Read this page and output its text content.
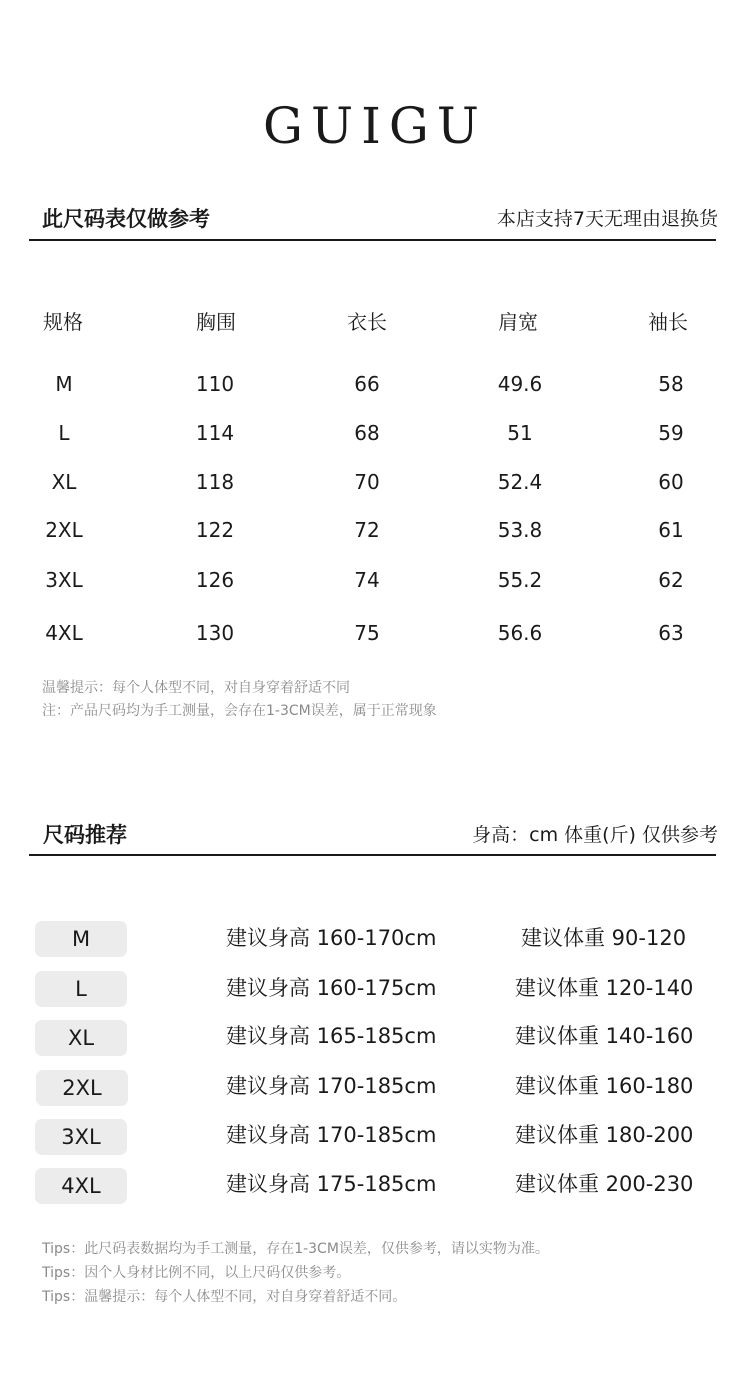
GUIGU
此尺码表仅做参考	本店支持7天无理由退换货
规格	胸围	衣长	肩宽	袖长
M	110	66	49.6	58
L	114	68	51	59
XL	118	70	52.4	60
2XL	122	72	53.8	61
3XL	126	74	55.2	62
4XL	130	75	56.6	63
温馨提示：每个人体型不同，对自身穿着舒适不同
注：产品尺码均为手工测量，会存在1-3CM误差，属于正常现象
尺码推荐	身高：cm 体重(斤) 仅供参考
M	建议身高 160-170cm	建议体重 90-120
L	建议身高 160-175cm	建议体重 120-140
XL	建议身高 165-185cm	建议体重 140-160
2XL	建议身高 170-185cm	建议体重 160-180
3XL	建议身高 170-185cm	建议体重 180-200
4XL	建议身高 175-185cm	建议体重 200-230
Tips：此尺码表数据均为手工测量，存在1-3CM误差，仅供参考，请以实物为准。
Tips：因个人身材比例不同，以上尺码仅供参考。
Tips：温馨提示：每个人体型不同，对自身穿着舒适不同。
